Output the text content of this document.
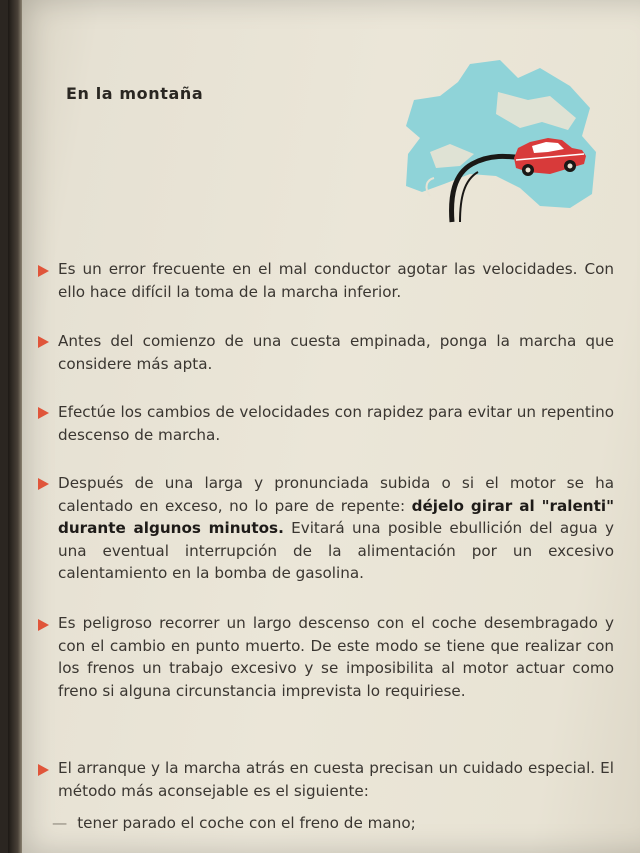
En la montaña
Es un error frecuente en el mal conductor agotar las velocidades. Con ello hace difícil la toma de la marcha inferior.
Antes del comienzo de una cuesta empinada, ponga la marcha que considere más apta.
Efectúe los cambios de velocidades con rapidez para evitar un repentino descenso de marcha.
Después de una larga y pronunciada subida o si el motor se ha calentado en exceso, no lo pare de repente: déjelo girar al "ralenti" durante algunos minutos. Evitará una posible ebullición del agua y una eventual interrupción de la alimentación por un excesivo calentamiento en la bomba de gasolina.
Es peligroso recorrer un largo descenso con el coche desembragado y con el cambio en punto muerto. De este modo se tiene que realizar con los frenos un trabajo excesivo y se imposibilita al motor actuar como freno si alguna circunstancia imprevista lo requiriese.
El arranque y la marcha atrás en cuesta precisan un cuidado especial. El método más aconsejable es el siguiente:
— tener parado el coche con el freno de mano;
